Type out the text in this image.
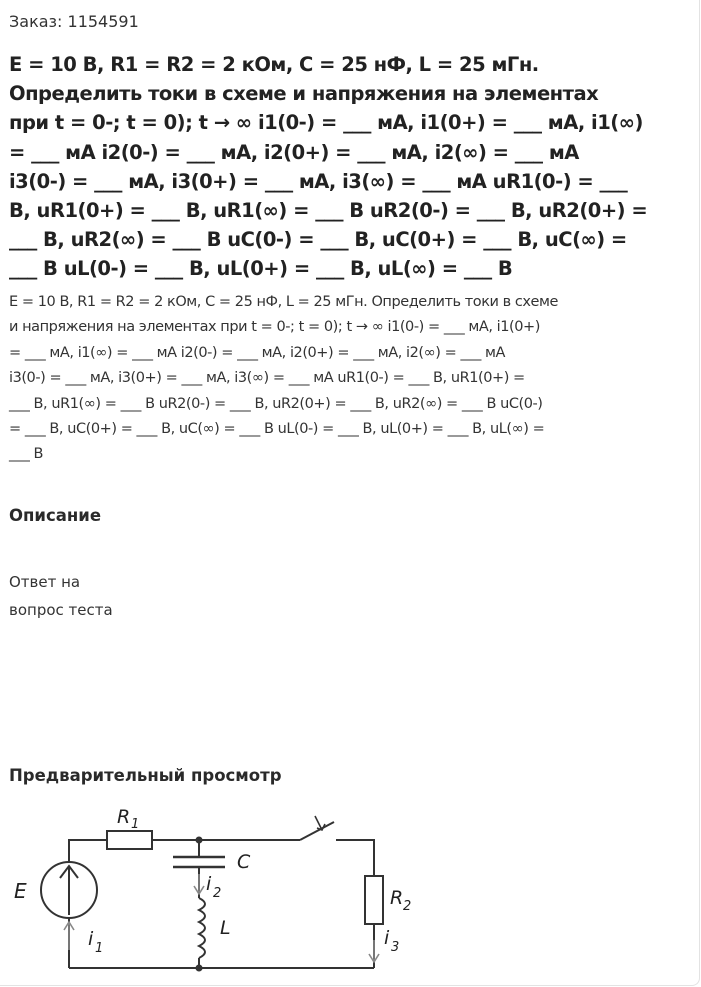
Заказ: 1154591
E = 10 В, R1 = R2 = 2 кОм, C = 25 нФ, L = 25 мГн.
Определить токи в схеме и напряжения на элементах
при t = 0-; t = 0); t → ∞ i1(0-) = ___ мА, i1(0+) = ___ мА, i1(∞)
= ___ мА i2(0-) = ___ мА, i2(0+) = ___ мА, i2(∞) = ___ мА
i3(0-) = ___ мА, i3(0+) = ___ мА, i3(∞) = ___ мА uR1(0-) = ___
В, uR1(0+) = ___ В, uR1(∞) = ___ В uR2(0-) = ___ В, uR2(0+) =
___ В, uR2(∞) = ___ В uC(0-) = ___ В, uC(0+) = ___ В, uC(∞) =
___ В uL(0-) = ___ В, uL(0+) = ___ В, uL(∞) = ___ В
E = 10 В, R1 = R2 = 2 кОм, C = 25 нФ, L = 25 мГн. Определить токи в схеме
и напряжения на элементах при t = 0-; t = 0); t → ∞ i1(0-) = ___ мА, i1(0+)
= ___ мА, i1(∞) = ___ мА i2(0-) = ___ мА, i2(0+) = ___ мА, i2(∞) = ___ мА
i3(0-) = ___ мА, i3(0+) = ___ мА, i3(∞) = ___ мА uR1(0-) = ___ В, uR1(0+) =
___ В, uR1(∞) = ___ В uR2(0-) = ___ В, uR2(0+) = ___ В, uR2(∞) = ___ В uC(0-)
= ___ В, uC(0+) = ___ В, uC(∞) = ___ В uL(0-) = ___ В, uL(0+) = ___ В, uL(∞) =
___ В
Описание
Ответ на
вопрос теста
Предварительный просмотр
E
R 1
C
L
R 2
i 1
i 2
i 3
